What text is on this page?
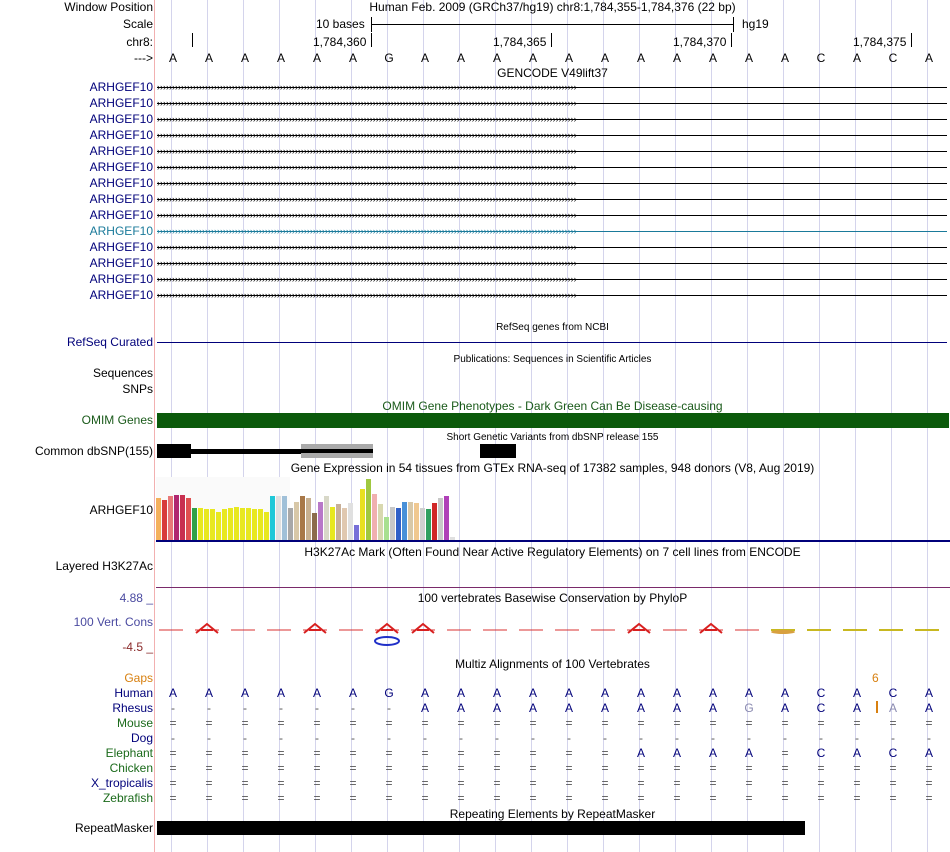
Window Position	Human Feb. 2009 (GRCh37/hg19) chr8:1,784,355-1,784,376 (22 bp)
Scale	10 bases	hg19
chr8:	1,784,360	1,784,365	1,784,370	1,784,375
--->	A	A	A	A	A	A	G	A	A	A	A	A	A	A	A	A	A	A	C	A	C	A
GENCODE V49lift37
ARHGEF10 ››››››››››››››››››››››››››››››››››››››››››››››››››››››››››››››››››››››››››››››››››››››››››››››››››››››››››››››››››››››››››››››››››››››››››››
ARHGEF10 ››››››››››››››››››››››››››››››››››››››››››››››››››››››››››››››››››››››››››››››››››››››››››››››››››››››››››››››››››››››››››››››››››››››››››››
ARHGEF10 ››››››››››››››››››››››››››››››››››››››››››››››››››››››››››››››››››››››››››››››››››››››››››››››››››››››››››››››››››››››››››››››››››››››››››››
ARHGEF10 ››››››››››››››››››››››››››››››››››››››››››››››››››››››››››››››››››››››››››››››››››››››››››››››››››››››››››››››››››››››››››››››››››››››››››››
ARHGEF10 ››››››››››››››››››››››››››››››››››››››››››››››››››››››››››››››››››››››››››››››››››››››››››››››››››››››››››››››››››››››››››››››››››››››››››››
ARHGEF10 ››››››››››››››››››››››››››››››››››››››››››››››››››››››››››››››››››››››››››››››››››››››››››››››››››››››››››››››››››››››››››››››››››››››››››››
ARHGEF10 ››››››››››››››››››››››››››››››››››››››››››››››››››››››››››››››››››››››››››››››››››››››››››››››››››››››››››››››››››››››››››››››››››››››››››››
ARHGEF10 ››››››››››››››››››››››››››››››››››››››››››››››››››››››››››››››››››››››››››››››››››››››››››››››››››››››››››››››››››››››››››››››››››››››››››››
ARHGEF10 ››››››››››››››››››››››››››››››››››››››››››››››››››››››››››››››››››››››››››››››››››››››››››››››››››››››››››››››››››››››››››››››››››››››››››››
ARHGEF10 ››››››››››››››››››››››››››››››››››››››››››››››››››››››››››››››››››››››››››››››››››››››››››››››››››››››››››››››››››››››››››››››››››››››››››››
ARHGEF10 ››››››››››››››››››››››››››››››››››››››››››››››››››››››››››››››››››››››››››››››››››››››››››››››››››››››››››››››››››››››››››››››››››››››››››››
ARHGEF10 ››››››››››››››››››››››››››››››››››››››››››››››››››››››››››››››››››››››››››››››››››››››››››››››››››››››››››››››››››››››››››››››››››››››››››››
ARHGEF10 ››››››››››››››››››››››››››››››››››››››››››››››››››››››››››››››››››››››››››››››››››››››››››››››››››››››››››››››››››››››››››››››››››››››››››››
ARHGEF10 ››››››››››››››››››››››››››››››››››››››››››››››››››››››››››››››››››››››››››››››››››››››››››››››››››››››››››››››››››››››››››››››››››››››››››››
RefSeq genes from NCBI
RefSeq Curated
Publications: Sequences in Scientific Articles
Sequences
SNPs
OMIM Gene Phenotypes - Dark Green Can Be Disease-causing
OMIM Genes
Short Genetic Variants from dbSNP release 155
Common dbSNP(155)
Gene Expression in 54 tissues from GTEx RNA-seq of 17382 samples, 948 donors (V8, Aug 2019)
ARHGEF10
H3K27Ac Mark (Often Found Near Active Regulatory Elements) on 7 cell lines from ENCODE
Layered H3K27Ac
100 vertebrates Basewise Conservation by PhyloP
4.88 _
100 Vert. Cons
-4.5 _
Multiz Alignments of 100 Vertebrates
Gaps	6
Human	A	A	A	A	A	A	G	A	A	A	A	A	A	A	A	A	A	A	C	A	C	A
Rhesus	-	-	-	-	-	-	-	A	A	A	A	A	A	A	A	A	G	A	C	A	A	A
Mouse	=	=	=	=	=	=	=	=	=	=	=	=	=	=	=	=	=	=	=	=	=	=
Dog	-	-	-	-	-	-	-	-	-	-	-	-	-	-	-	-	-	-	-	-	-	-
Elephant	=	=	=	=	=	=	=	=	=	=	=	=	=	A	A	A	A	=	C	A	C	A
Chicken	=	=	=	=	=	=	=	=	=	=	=	=	=	=	=	=	=	=	=	=	=	=
X_tropicalis	=	=	=	=	=	=	=	=	=	=	=	=	=	=	=	=	=	=	=	=	=	=
Zebrafish	=	=	=	=	=	=	=	=	=	=	=	=	=	=	=	=	=	=	=	=	=	=
Repeating Elements by RepeatMasker
RepeatMasker
